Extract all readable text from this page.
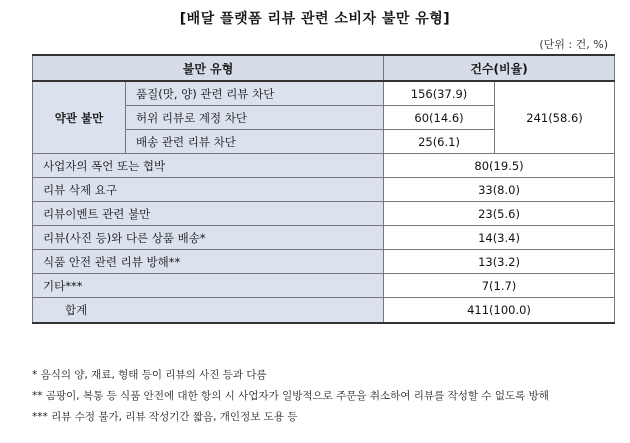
[배달 플랫폼 리뷰 관련 소비자 불만 유형]
(단위 : 건, %)
불만 유형		건수(비율)	
약관 불만	품질(맛, 양) 관련 리뷰 차단	156(37.9)	241(58.6)
	허위 리뷰로 계정 차단	60(14.6)	
	배송 관련 리뷰 차단	25(6.1)	
사업자의 폭언 또는 협박		80(19.5)	
리뷰 삭제 요구		33(8.0)	
리뷰이벤트 관련 불만		23(5.6)	
리뷰(사진 등)와 다른 상품 배송*		14(3.4)	
식품 안전 관련 리뷰 방해**		13(3.2)	
기타***		7(1.7)	
합계		411(100.0)	
* 음식의 양, 재료, 형태 등이 리뷰의 사진 등과 다름
** 곰팡이, 복통 등 식품 안전에 대한 항의 시 사업자가 일방적으로 주문을 취소하여 리뷰를 작성할 수 없도록 방해
*** 리뷰 수정 불가, 리뷰 작성기간 짧음, 개인정보 도용 등
